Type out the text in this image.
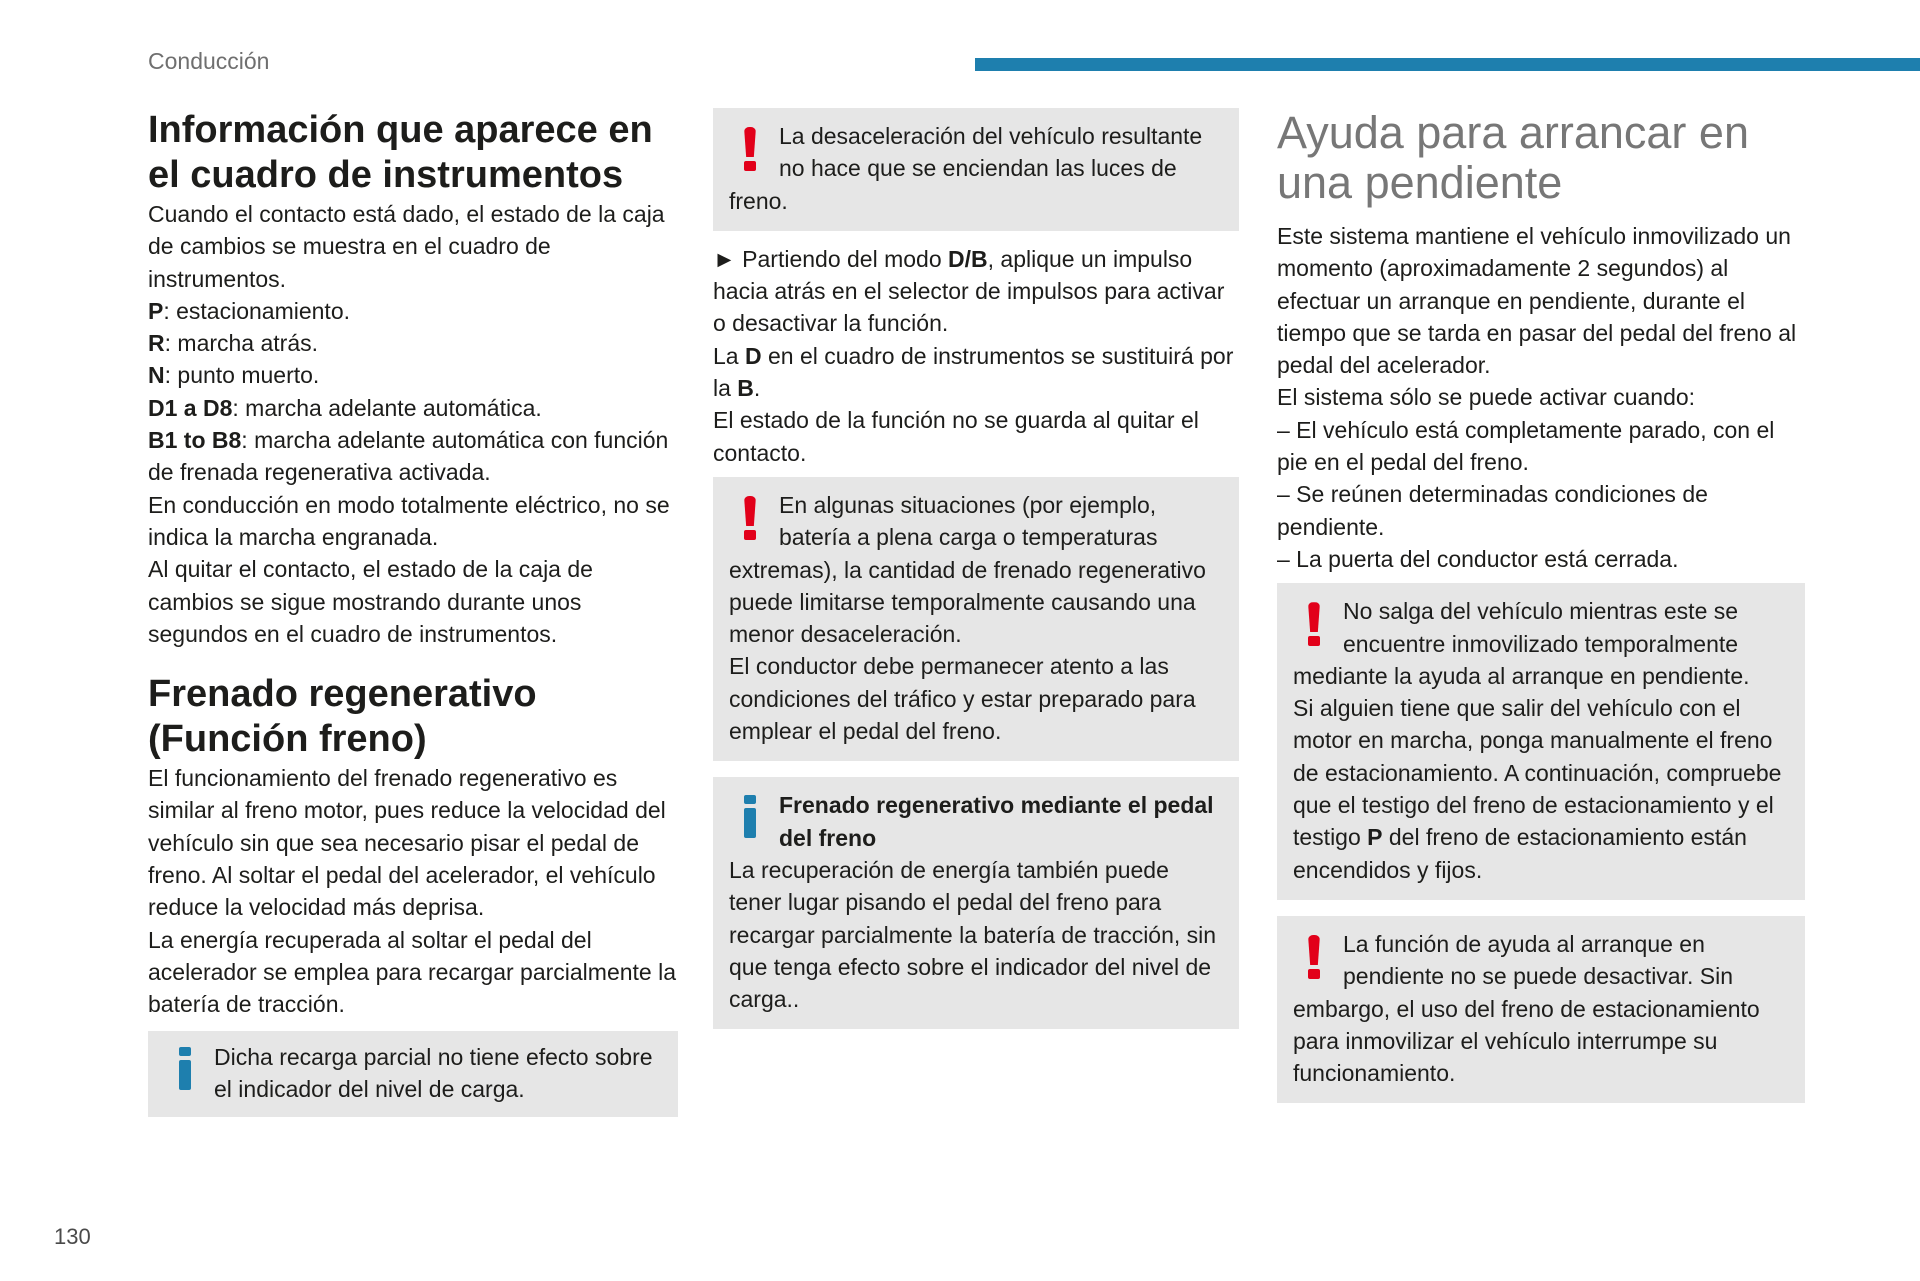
Conducción
Información que aparece en el cuadro de instrumentos

Cuando el contacto está dado, el estado de la caja de cambios se muestra en el cuadro de instrumentos.

P: estacionamiento.

R: marcha atrás.

N: punto muerto.

D1 a D8: marcha adelante automática.

B1 to B8: marcha adelante automática con función de frenada regenerativa activada.

En conducción en modo totalmente eléctrico, no se indica la marcha engranada.

Al quitar el contacto, el estado de la caja de cambios se sigue mostrando durante unos segundos en el cuadro de instrumentos.

Frenado regenerativo (Función freno)

El funcionamiento del frenado regenerativo es similar al freno motor, pues reduce la velocidad del vehículo sin que sea necesario pisar el pedal de freno. Al soltar el pedal del acelerador, el vehículo reduce la velocidad más deprisa.

La energía recuperada al soltar el pedal del acelerador se emplea para recargar parcialmente la batería de tracción.

Dicha recarga parcial no tiene efecto sobre el indicador del nivel de carga.

La desaceleración del vehículo resultante no hace que se enciendan las luces de freno.

► Partiendo del modo D/B, aplique un impulso hacia atrás en el selector de impulsos para activar o desactivar la función.

La D en el cuadro de instrumentos se sustituirá por la B.

El estado de la función no se guarda al quitar el contacto.

En algunas situaciones (por ejemplo, batería a plena carga o temperaturas extremas), la cantidad de frenado regenerativo puede limitarse temporalmente causando una menor desaceleración.

El conductor debe permanecer atento a las condiciones del tráfico y estar preparado para emplear el pedal del freno.

Frenado regenerativo mediante el pedal del freno

La recuperación de energía también puede tener lugar pisando el pedal del freno para recargar parcialmente la batería de tracción, sin que tenga efecto sobre el indicador del nivel de carga..

Ayuda para arrancar en una pendiente

Este sistema mantiene el vehículo inmovilizado un momento (aproximadamente 2 segundos) al efectuar un arranque en pendiente, durante el tiempo que se tarda en pasar del pedal del freno al pedal del acelerador.

El sistema sólo se puede activar cuando:

– El vehículo está completamente parado, con el pie en el pedal del freno.

– Se reúnen determinadas condiciones de pendiente.

– La puerta del conductor está cerrada.

No salga del vehículo mientras este se encuentre inmovilizado temporalmente mediante la ayuda al arranque en pendiente.

Si alguien tiene que salir del vehículo con el motor en marcha, ponga manualmente el freno de estacionamiento. A continuación, compruebe que el testigo del freno de estacionamiento y el testigo P del freno de estacionamiento están encendidos y fijos.

La función de ayuda al arranque en pendiente no se puede desactivar. Sin embargo, el uso del freno de estacionamiento para inmovilizar el vehículo interrumpe su funcionamiento.

130
